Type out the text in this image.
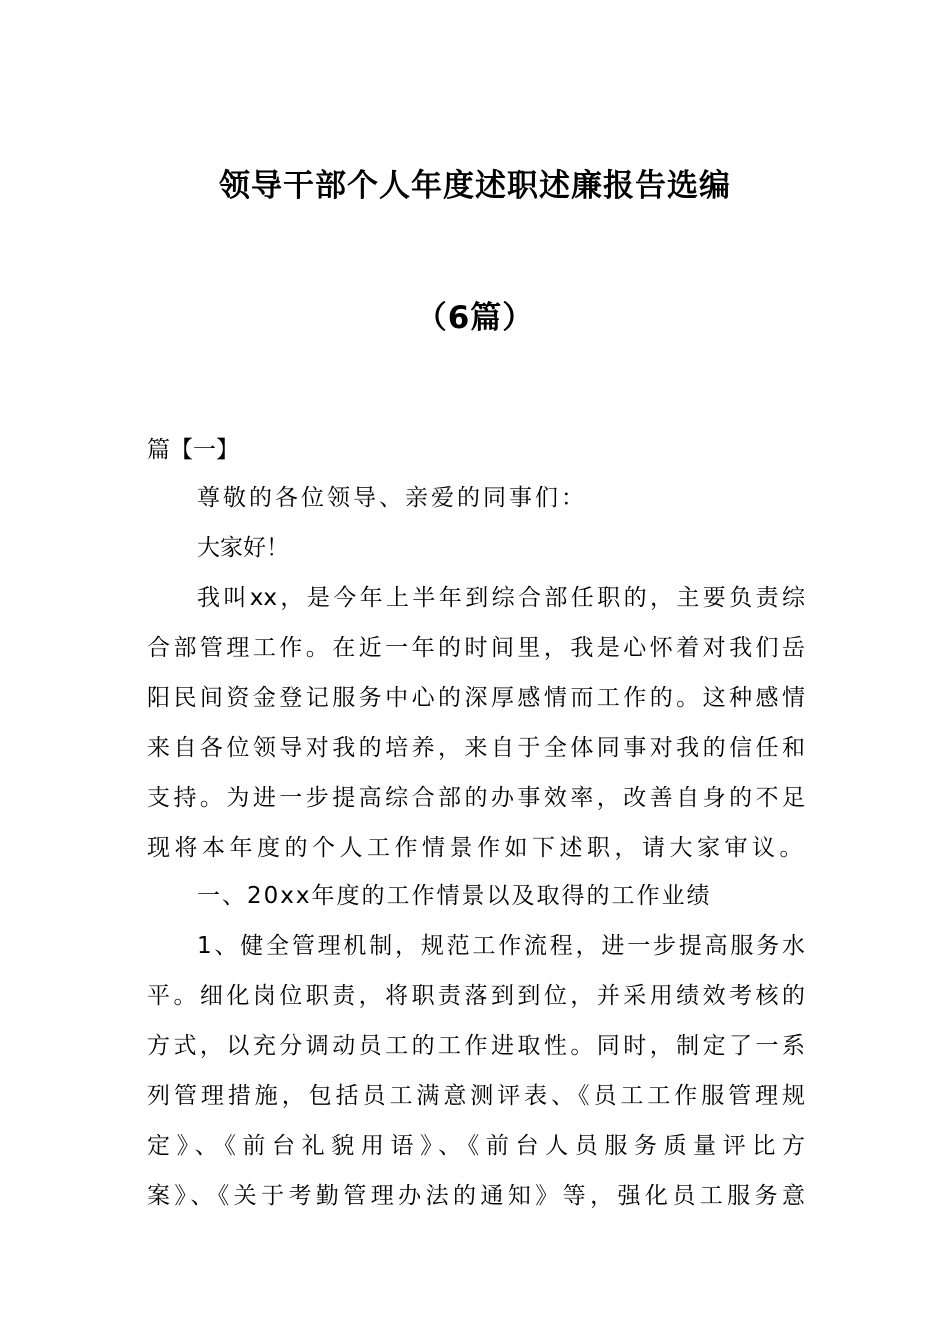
领导干部个人年度述职述廉报告选编
（6篇）
篇【一】
尊敬的各位领导、亲爱的同事们：
大家好！
我叫xx，是今年上半年到综合部任职的，主要负责综
合部管理工作。在近一年的时间里，我是心怀着对我们岳
阳民间资金登记服务中心的深厚感情而工作的。这种感情
来自各位领导对我的培养，来自于全体同事对我的信任和
支持。为进一步提高综合部的办事效率，改善自身的不足
现将本年度的个人工作情景作如下述职，请大家审议。
一、20xx年度的工作情景以及取得的工作业绩
1、健全管理机制，规范工作流程，进一步提高服务水
平。细化岗位职责，将职责落到到位，并采用绩效考核的
方式，以充分调动员工的工作进取性。同时，制定了一系
列管理措施，包括员工满意测评表、《员工工作服管理规
定》、《前台礼貌用语》、《前台人员服务质量评比方
案》、《关于考勤管理办法的通知》等，强化员工服务意
